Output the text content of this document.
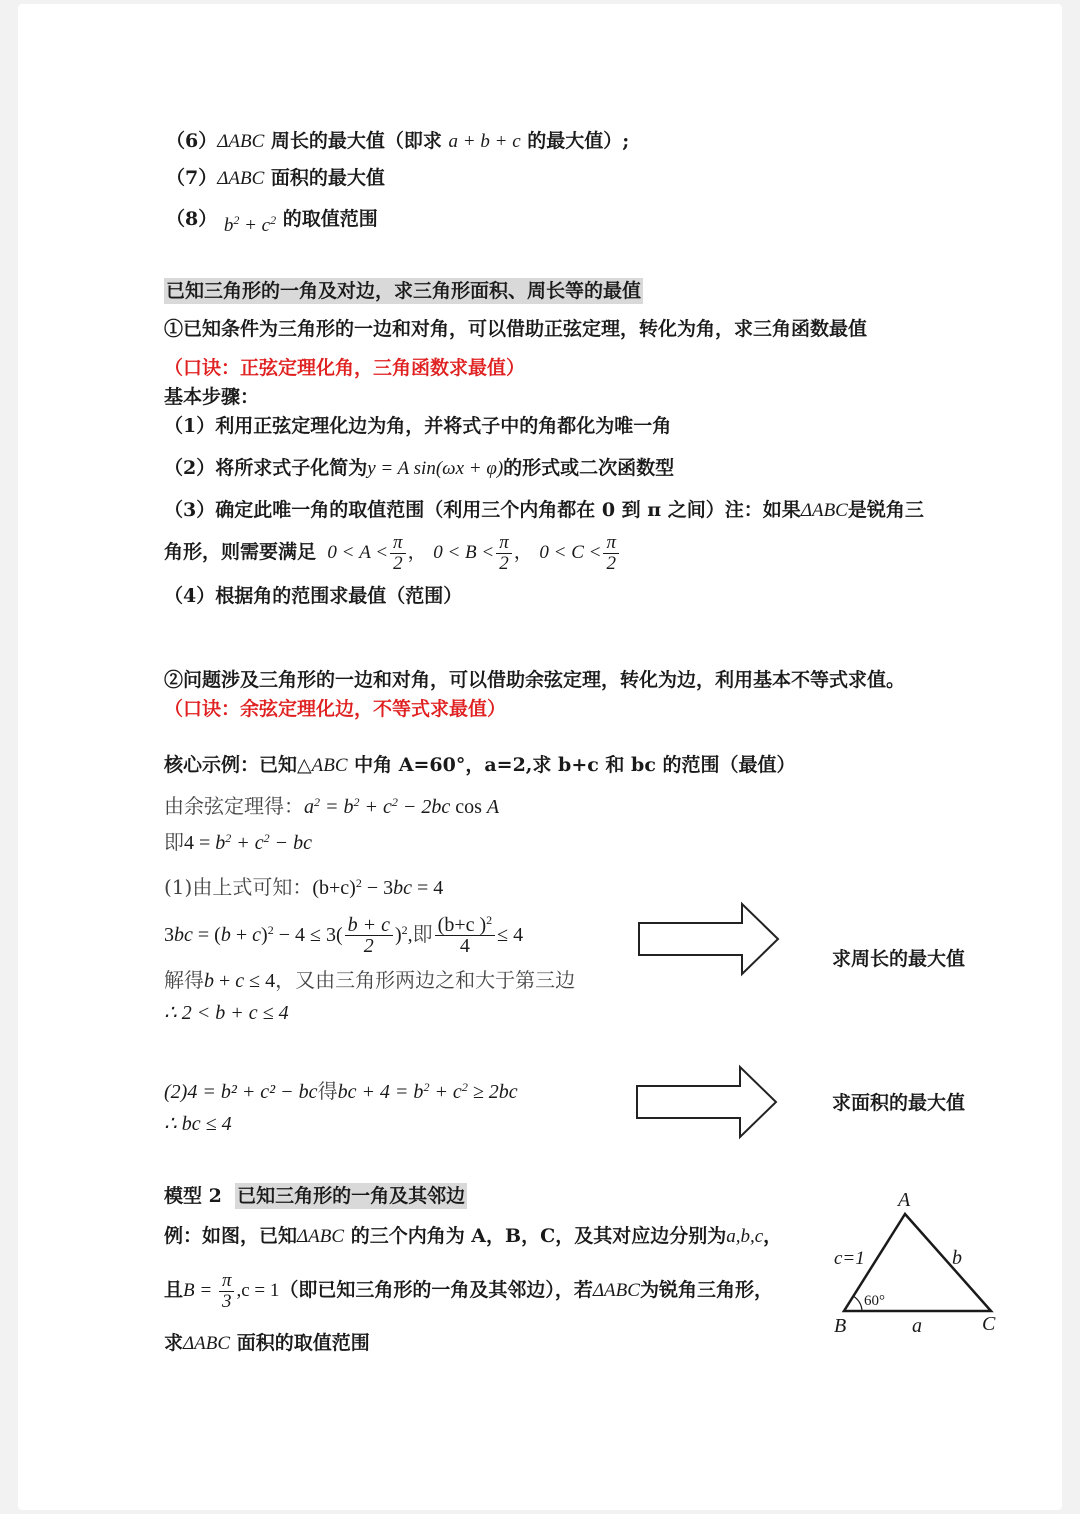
（6）ΔABC 周长的最大值（即求 a + b + c 的最大值）;
（7）ΔABC 面积的最大值
（8） $b^2 + c^2$ 的取值范围
已知三角形的一角及对边，求三角形面积、周长等的最值
①已知条件为三角形的一边和对角，可以借助正弦定理，转化为角，求三角函数最值
（口诀：正弦定理化角，三角函数求最值）
基本步骤：
（1）利用正弦定理化边为角，并将式子中的角都化为唯一角
（2）将所求式子化简为y = A sin(ωx + φ)的形式或二次函数型
（3）确定此唯一角的取值范围（利用三个内角都在 0 到 π 之间）注：如果ΔABC是锐角三
角形，则需要满足  $0 < A < \frac{\pi}{2}$ ， $0 < B < \frac{\pi}{2}$ ， $0 < C < \frac{\pi}{2}$
（4）根据角的范围求最值（范围）
②问题涉及三角形的一边和对角，可以借助余弦定理，转化为边，利用基本不等式求值。
（口诀：余弦定理化边，不等式求最值）
核心示例：已知△ABC 中角 A=60°，a=2,求 b+c 和 bc 的范围（最值）
由余弦定理得：$a^2 = b^2 + c^2 - 2bc$ cos A
即$4 = b^2 + c^2$ − bc
(1)由上式可知：$(b+c)^2 - 3bc = 4$
$3bc = (b + c)^2 - 4 \le 3( \frac{b + c}{2} )^2$,即 $\frac{(b+c )^2}{4} \le 4$
解得b + c ≤ 4，又由三角形两边之和大于第三边
∴ 2 < b + c ≤ 4
(2)4 = b² + c² − bc得bc + $4 = b^2 + c^2 \ge 2bc$
∴ bc ≤ 4
求周长的最大值
求面积的最大值
模型 2 已知三角形的一角及其邻边
例：如图，已知ΔABC 的三个内角为 A，B，C，及其对应边分别为a,b,c，
且$B = \frac{\pi}{3} ,c = 1$（即已知三角形的一角及其邻边），若ΔABC为锐角三角形，
求ΔABC 面积的取值范围
A
B	C
c=1	b
a
60°
